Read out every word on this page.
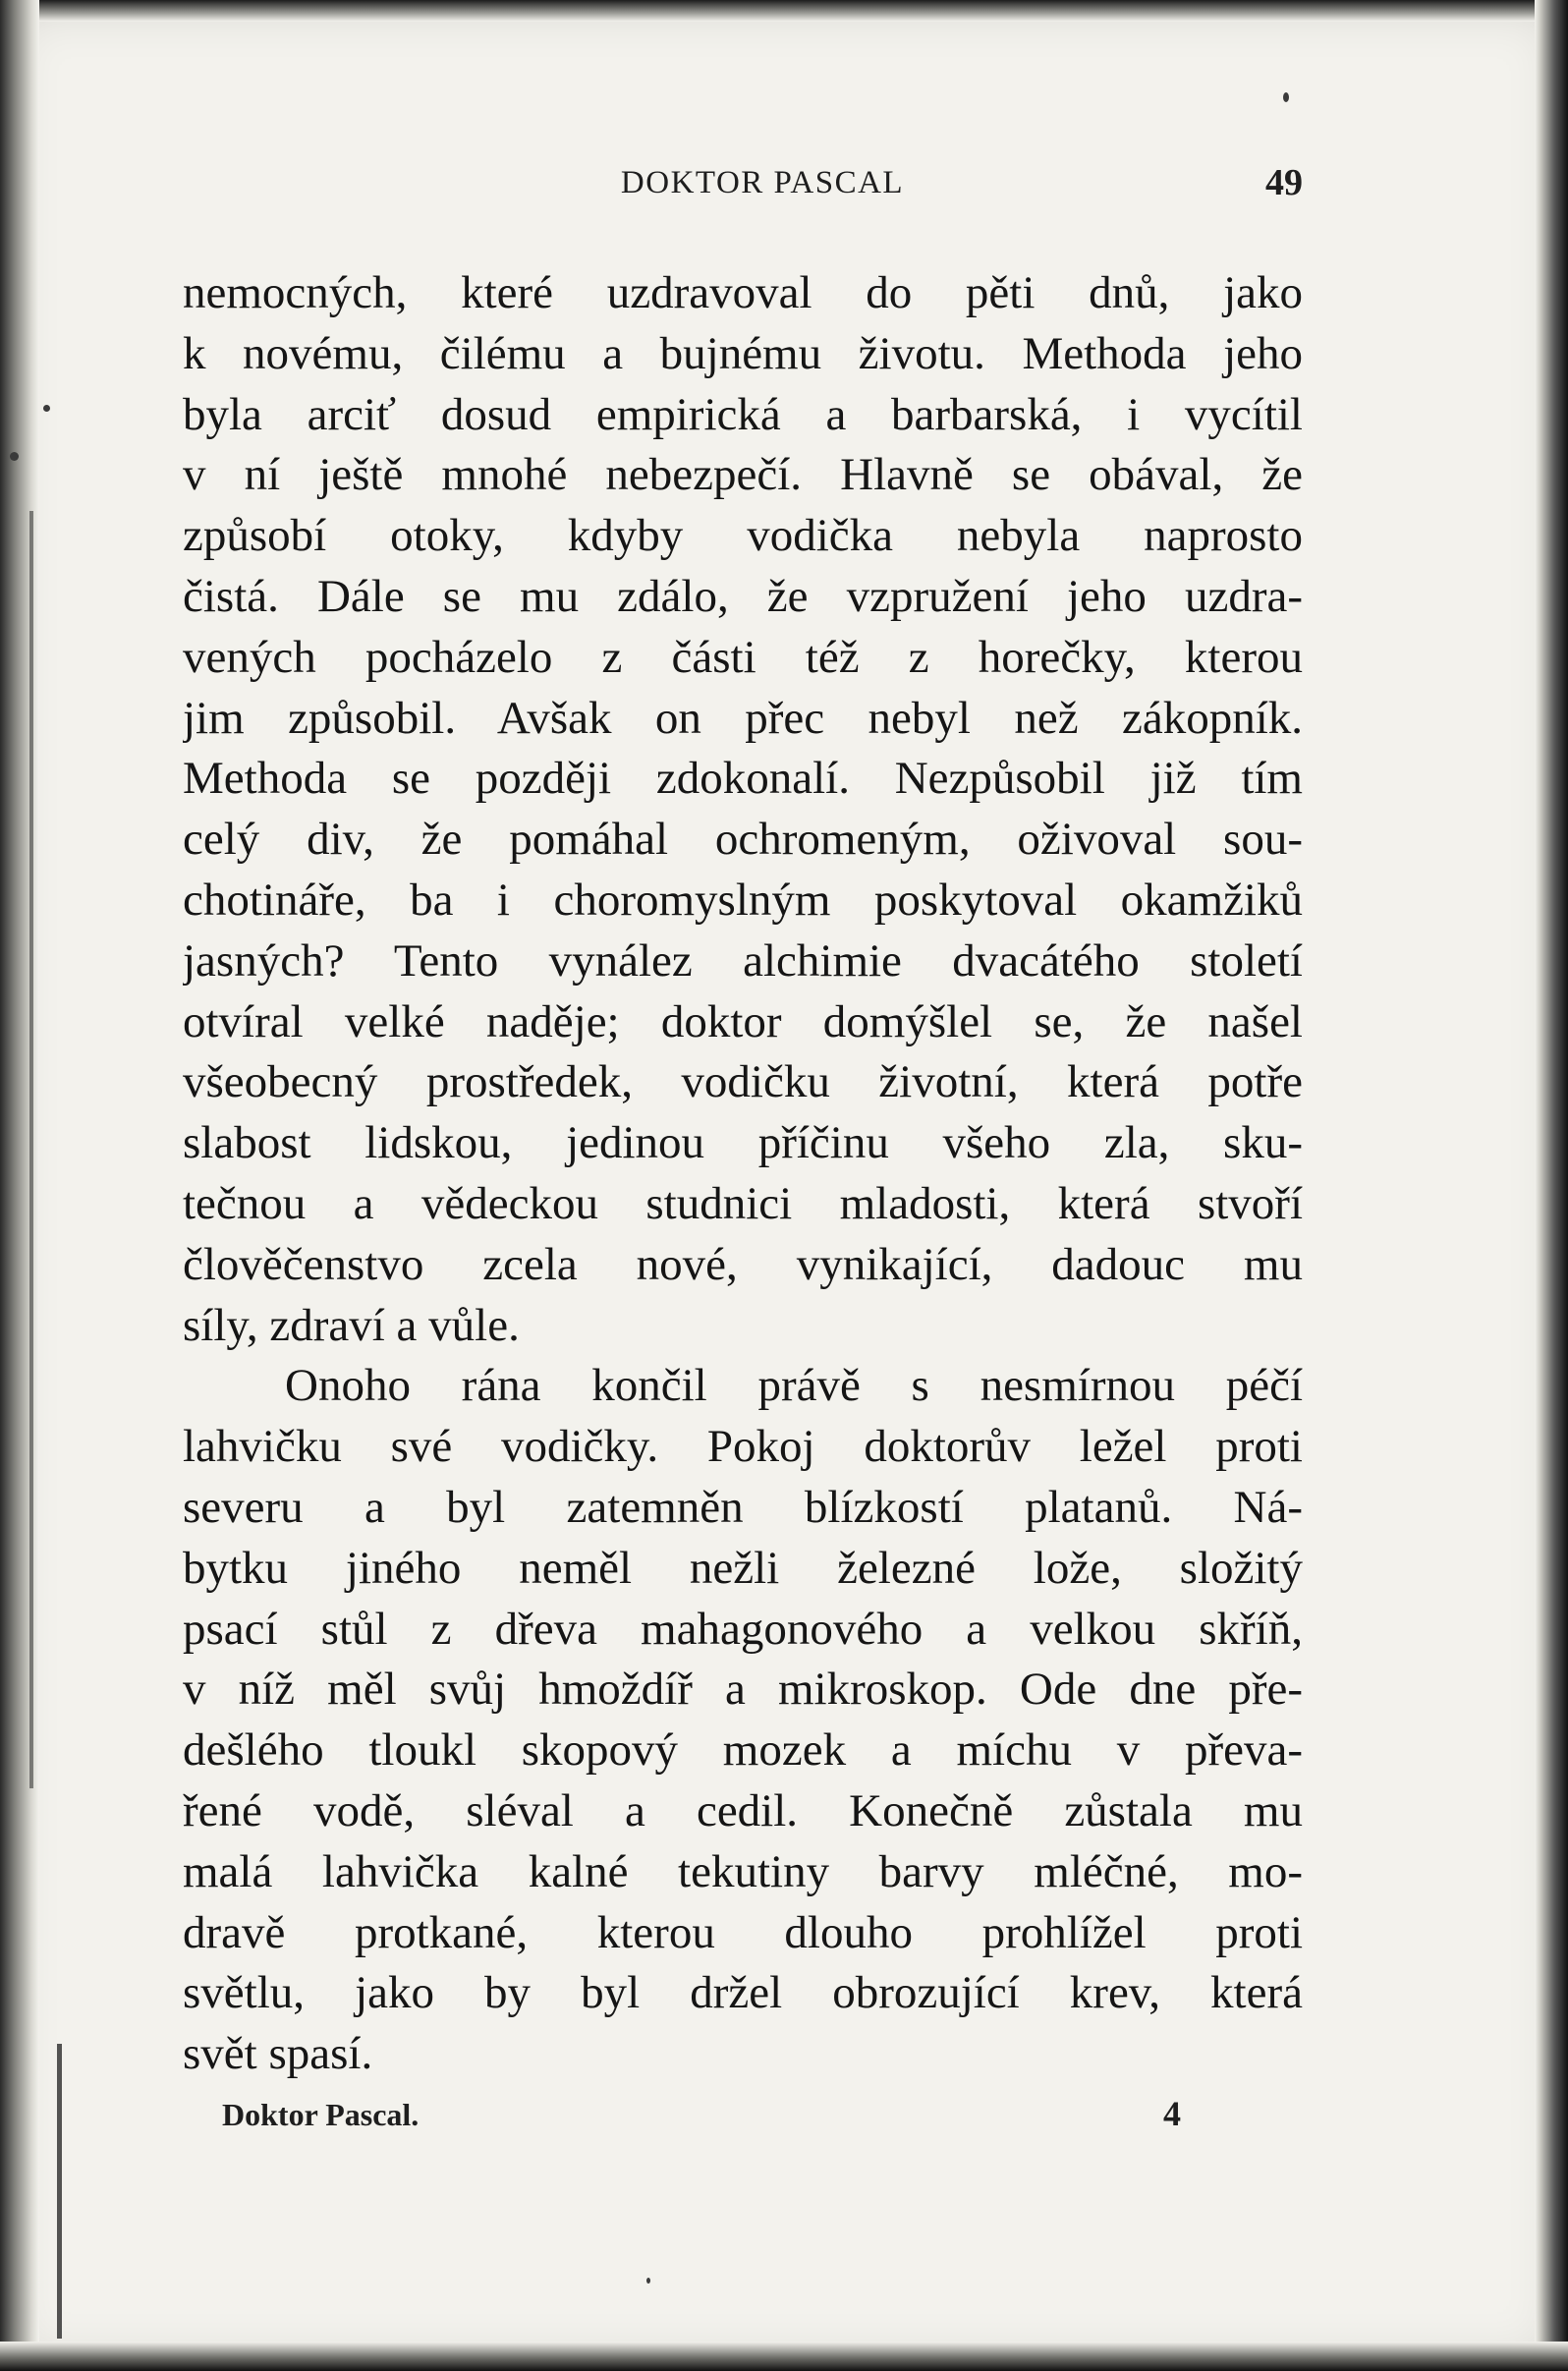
DOKTOR PASCAL	49

nemocných, které uzdravoval do pěti dnů, jako
k novému, čilému a bujnému životu. Methoda jeho
byla arciť dosud empirická a barbarská, i vycítil
v ní ještě mnohé nebezpečí. Hlavně se obával, že
způsobí otoky, kdyby vodička nebyla naprosto
čistá. Dále se mu zdálo, že vzpružení jeho uzdra-
vených pocházelo z části též z horečky, kterou
jim způsobil. Avšak on přec nebyl než zákopník.
Methoda se později zdokonalí. Nezpůsobil již tím
celý div, že pomáhal ochromeným, oživoval sou-
chotináře, ba i choromyslným poskytoval okamžiků
jasných? Tento vynález alchimie dvacátého století
otvíral velké naděje; doktor domýšlel se, že našel
všeobecný prostředek, vodičku životní, která potře
slabost lidskou, jedinou příčinu všeho zla, sku-
tečnou a vědeckou studnici mladosti, která stvoří
člověčenstvo zcela nové, vynikající, dadouc mu
síly, zdraví a vůle.

Onoho rána končil právě s nesmírnou péčí
lahvičku své vodičky. Pokoj doktorův ležel proti
severu a byl zatemněn blízkostí platanů. Ná-
bytku jiného neměl nežli železné lože, složitý
psací stůl z dřeva mahagonového a velkou skříň,
v níž měl svůj hmoždíř a mikroskop. Ode dne pře-
dešlého tloukl skopový mozek a míchu v převa-
řené vodě, sléval a cedil. Konečně zůstala mu
malá lahvička kalné tekutiny barvy mléčné, mo-
dravě protkané, kterou dlouho prohlížel proti
světlu, jako by byl držel obrozující krev, která
svět spasí.

Doktor Pascal.	4
